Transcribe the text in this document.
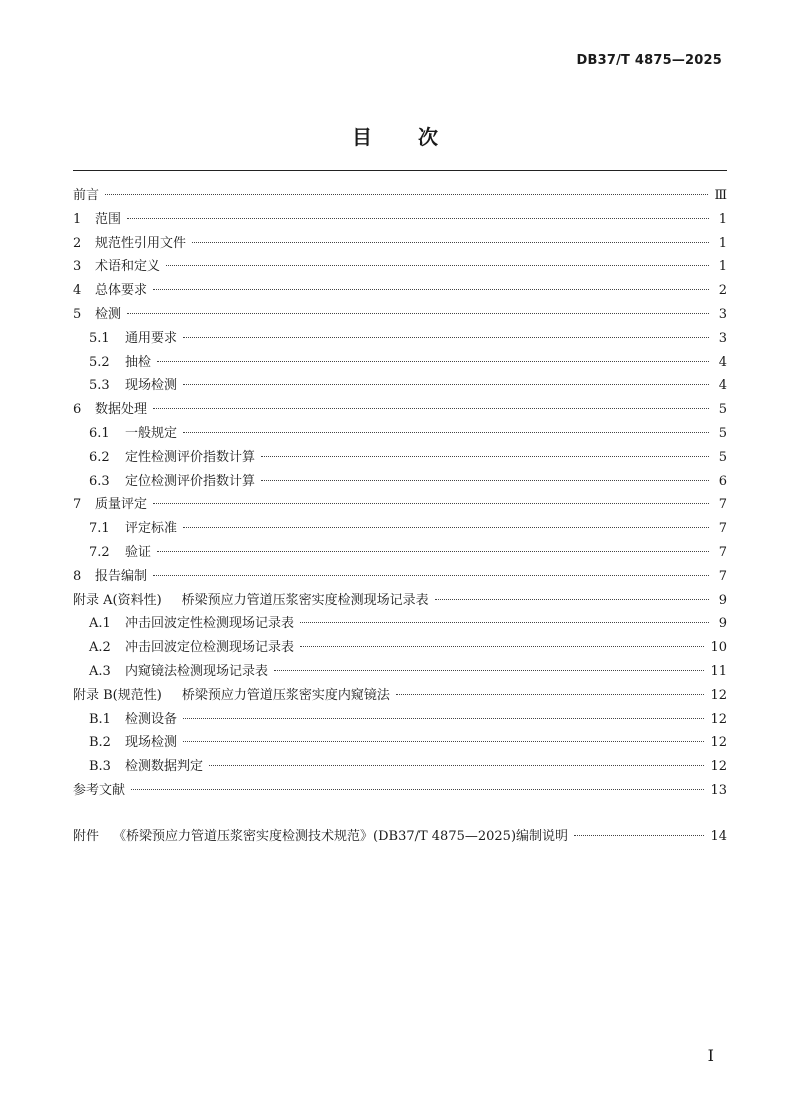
DB37/T 4875—2025
目 次
前言	Ⅲ
1	范围	1
2	规范性引用文件	1
3	术语和定义	1
4	总体要求	2
5	检测	3
5.1	通用要求	3
5.2	抽检	4
5.3	现场检测	4
6	数据处理	5
6.1	一般规定	5
6.2	定性检测评价指数计算	5
6.3	定位检测评价指数计算	6
7	质量评定	7
7.1	评定标准	7
7.2	验证	7
8	报告编制	7
附录 A(资料性) 桥梁预应力管道压浆密实度检测现场记录表	9
A.1	冲击回波定性检测现场记录表	9
A.2	冲击回波定位检测现场记录表	10
A.3	内窥镜法检测现场记录表	11
附录 B(规范性) 桥梁预应力管道压浆密实度内窥镜法	12
B.1	检测设备	12
B.2	现场检测	12
B.3	检测数据判定	12
参考文献	13
附件 《桥梁预应力管道压浆密实度检测技术规范》(DB37/T 4875—2025)编制说明	14
Ⅰ
